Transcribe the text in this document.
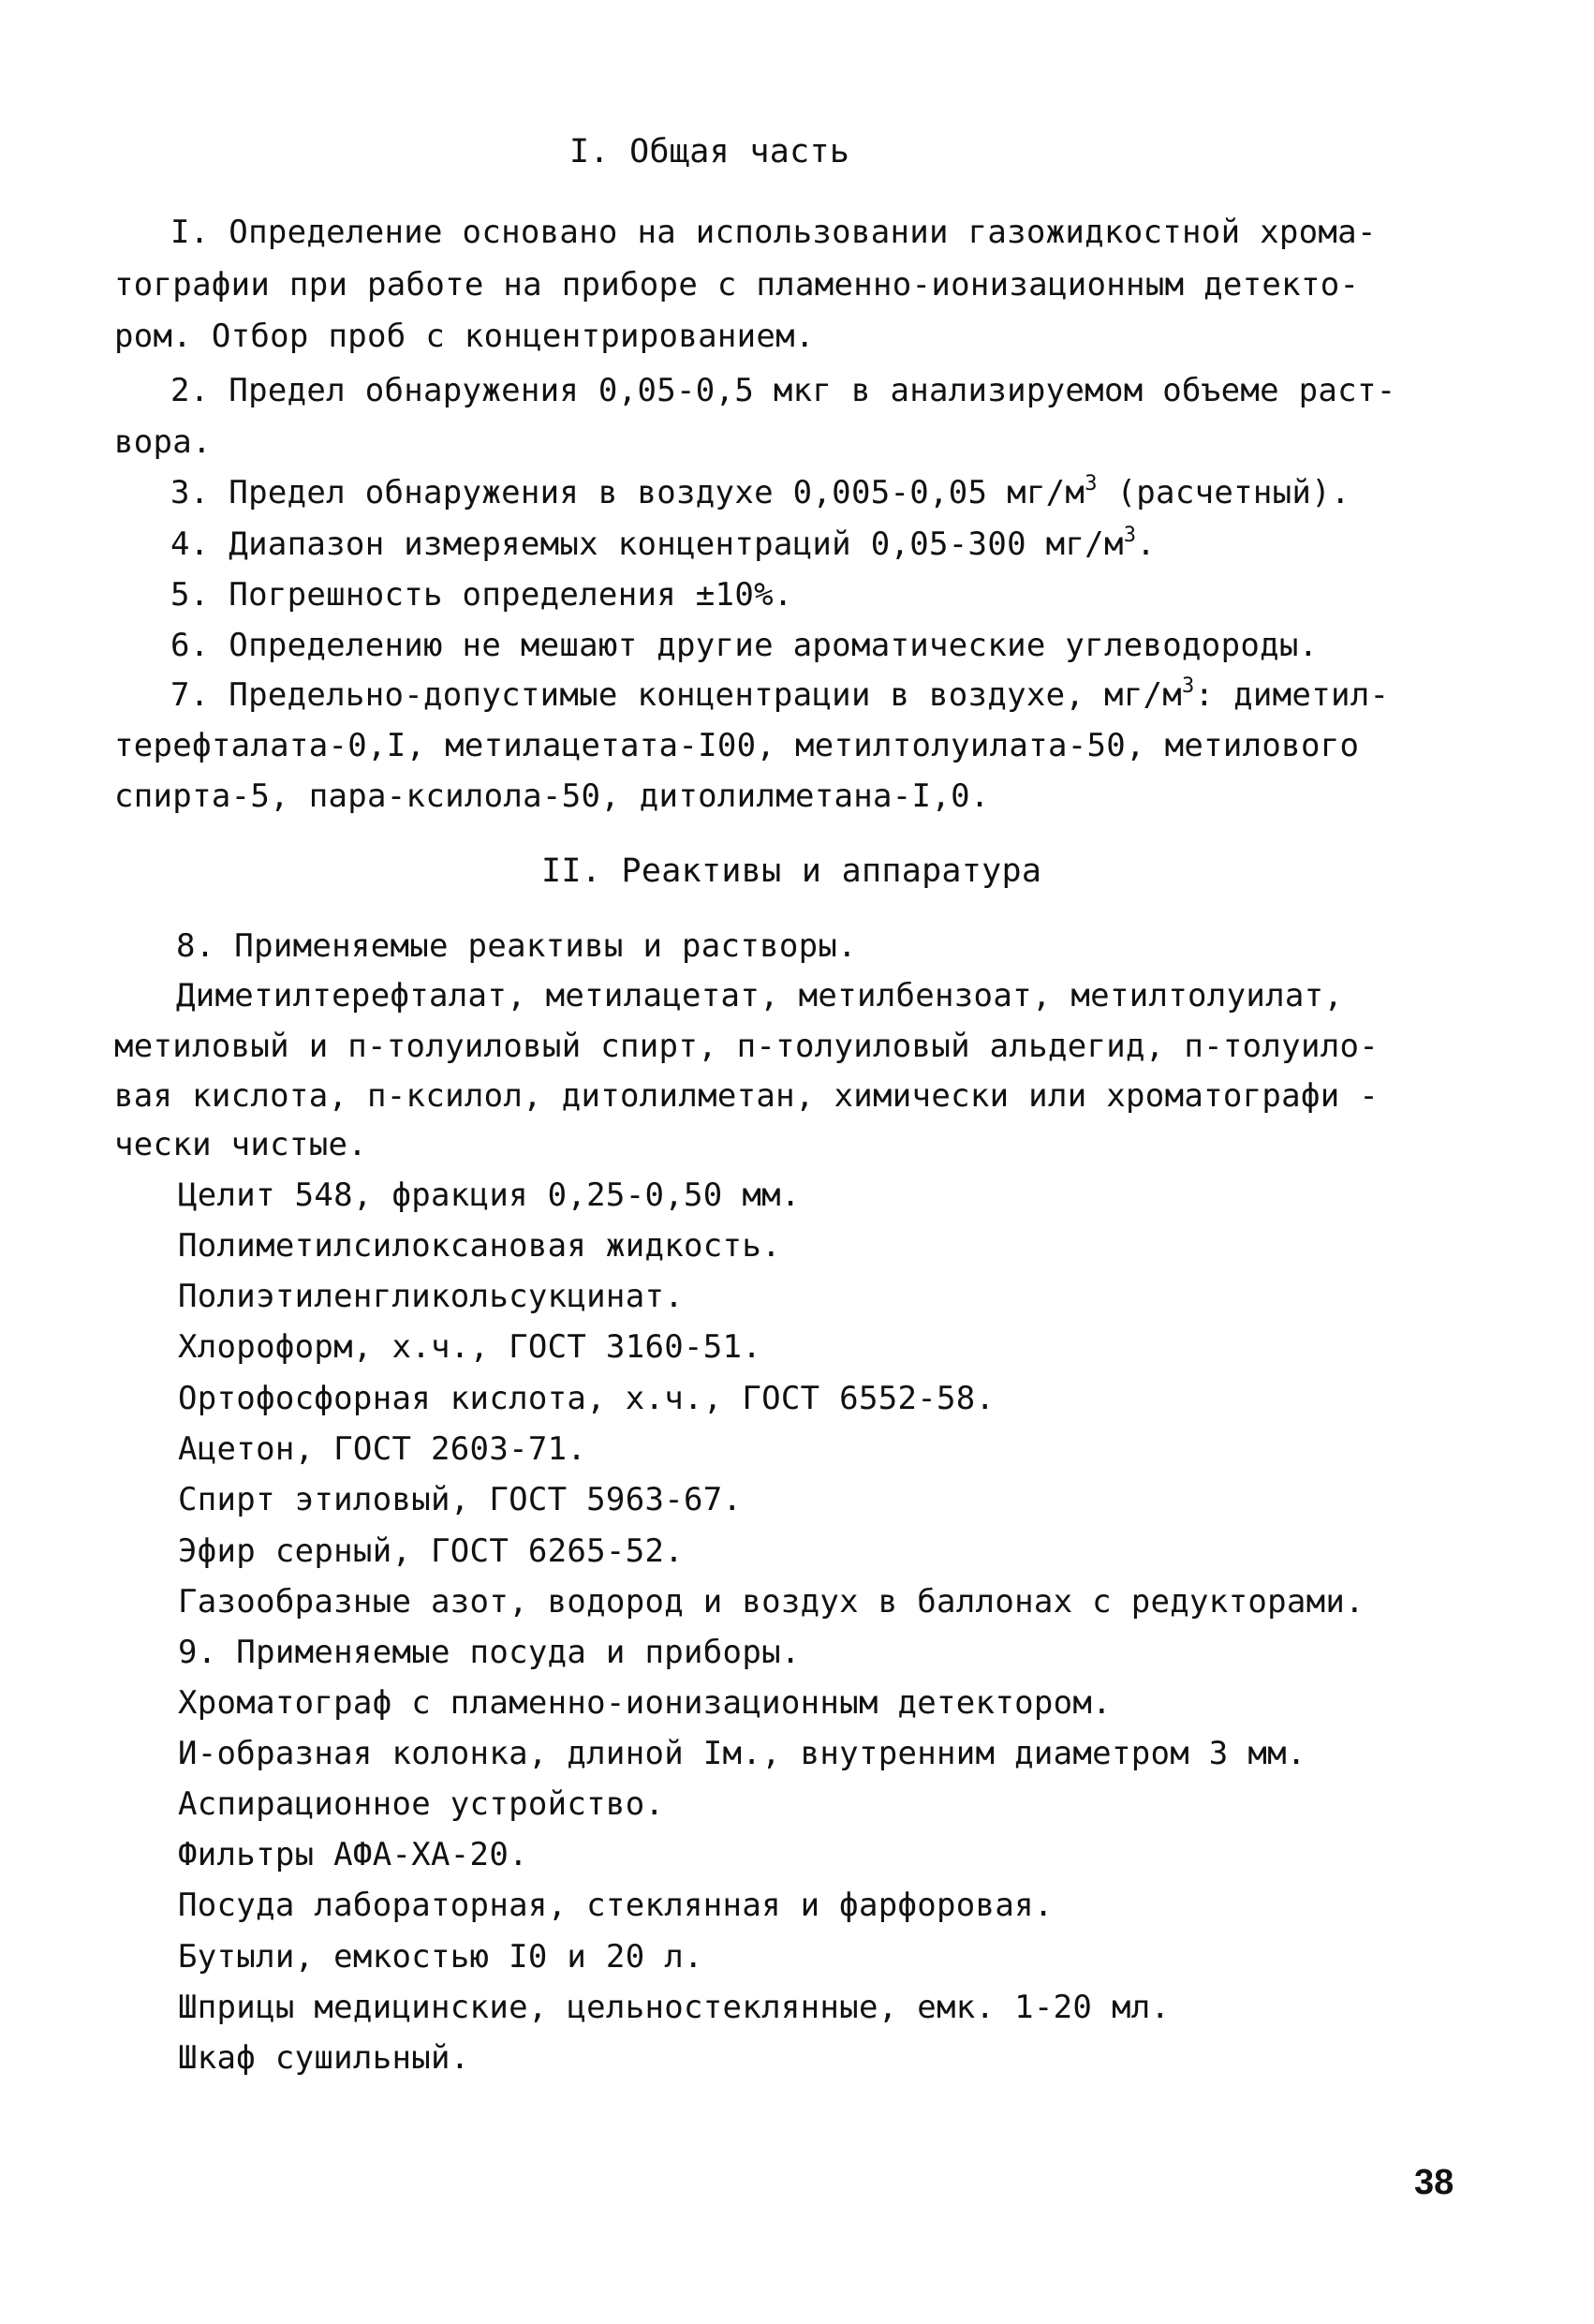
I. Общая часть
I. Определение основано на использовании газожидкостной хрома-
тографии при работе на приборе с пламенно-ионизационным детекто-
ром. Отбор проб с концентрированием.
2. Предел обнаружения 0,05-0,5 мкг в анализируемом объеме раст-
вора.
3. Предел обнаружения в воздухе 0,005-0,05 $мг/м^3$ (расчетный).
4. Диапазон измеряемых концентраций 0,05-300 $мг/м^3$.
5. Погрешность определения ±10%.
6. Определению не мешают другие ароматические углеводороды.
7. Предельно-допустимые концентрации в воздухе, $мг/м^3$: диметил-
терефталата-0,I, метилацетата-I00, метилтолуилата-50, метилового
спирта-5, пара-ксилола-50, дитолилметана-I,0.
II. Реактивы и аппаратура
8. Применяемые реактивы и растворы.
Диметилтерефталат, метилацетат, метилбензоат, метилтолуилат,
метиловый и п-толуиловый спирт, п-толуиловый альдегид, п-толуило-
вая кислота, п-ксилол, дитолилметан, химически или хроматографи -
чески чистые.
Целит 548, фракция 0,25-0,50 мм.
Полиметилсилоксановая жидкость.
Полиэтиленгликольсукцинат.
Хлороформ, х.ч., ГОСТ 3160-51.
Ортофосфорная кислота, х.ч., ГОСТ 6552-58.
Ацетон, ГОСТ 2603-71.
Спирт этиловый, ГОСТ 5963-67.
Эфир серный, ГОСТ 6265-52.
Газообразные азот, водород и воздух в баллонах с редукторами.
9. Применяемые посуда и приборы.
Хроматограф с пламенно-ионизационным детектором.
И-образная колонка, длиной Iм., внутренним диаметром 3 мм.
Аспирационное устройство.
Фильтры АФА-ХА-20.
Посуда лабораторная, стеклянная и фарфоровая.
Бутыли, емкостью I0 и 20 л.
Шприцы медицинские, цельностеклянные, емк. 1-20 мл.
Шкаф сушильный.
38
